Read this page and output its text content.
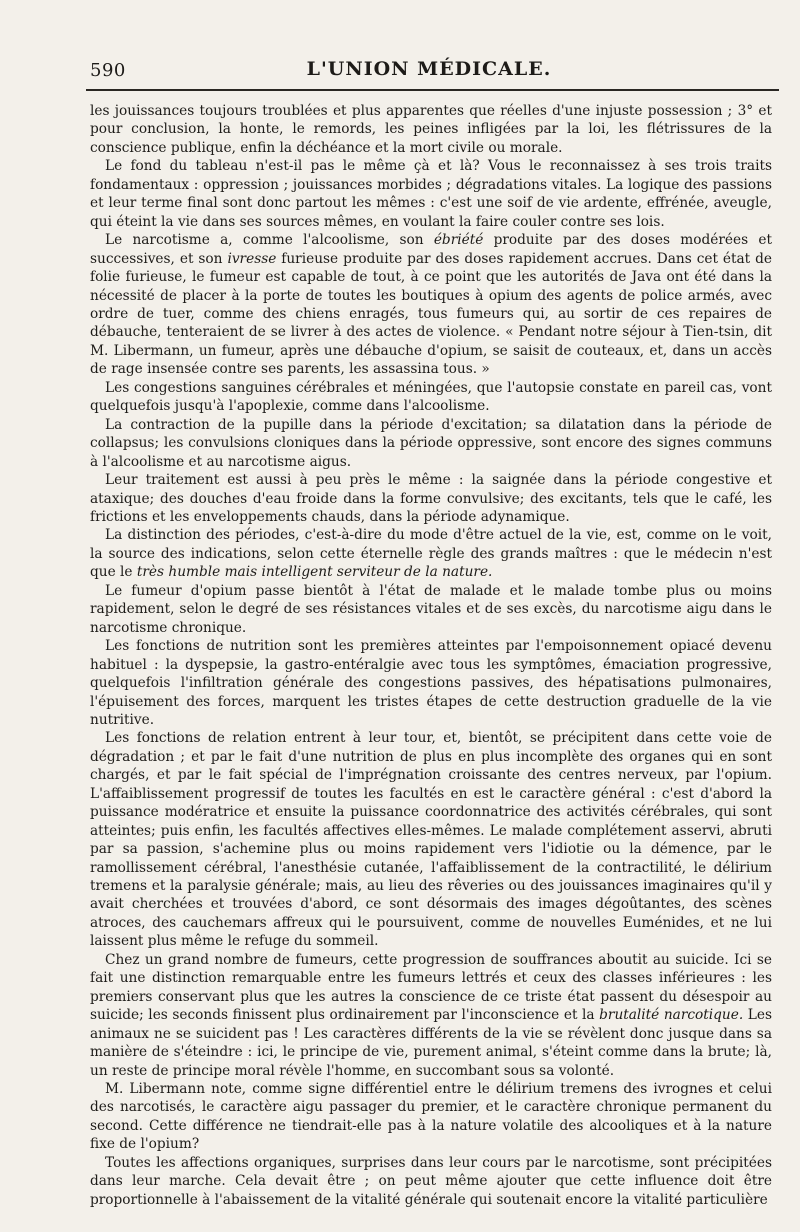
590	L'UNION MÉDICALE.

les jouissances toujours troublées et plus apparentes que réelles d'une injuste possession ; 3° et pour conclusion, la honte, le remords, les peines infligées par la loi, les flétrissures de la conscience publique, enfin la déchéance et la mort civile ou morale.

Le fond du tableau n'est-il pas le même çà et là? Vous le reconnaissez à ses trois traits fondamentaux : oppression ; jouissances morbides ; dégradations vitales. La logique des passions et leur terme final sont donc partout les mêmes : c'est une soif de vie ardente, effrénée, aveugle, qui éteint la vie dans ses sources mêmes, en voulant la faire couler contre ses lois.

Le narcotisme a, comme l'alcoolisme, son ébriété produite par des doses modérées et successives, et son ivresse furieuse produite par des doses rapidement accrues. Dans cet état de folie furieuse, le fumeur est capable de tout, à ce point que les autorités de Java ont été dans la nécessité de placer à la porte de toutes les boutiques à opium des agents de police armés, avec ordre de tuer, comme des chiens enragés, tous fumeurs qui, au sortir de ces repaires de débauche, tenteraient de se livrer à des actes de violence. « Pendant notre séjour à Tien-tsin, dit M. Libermann, un fumeur, après une débauche d'opium, se saisit de couteaux, et, dans un accès de rage insensée contre ses parents, les assassina tous. »

Les congestions sanguines cérébrales et méningées, que l'autopsie constate en pareil cas, vont quelquefois jusqu'à l'apoplexie, comme dans l'alcoolisme.

La contraction de la pupille dans la période d'excitation; sa dilatation dans la période de collapsus; les convulsions cloniques dans la période oppressive, sont encore des signes communs à l'alcoolisme et au narcotisme aigus.

Leur traitement est aussi à peu près le même : la saignée dans la période congestive et ataxique; des douches d'eau froide dans la forme convulsive; des excitants, tels que le café, les frictions et les enveloppements chauds, dans la période adynamique.

La distinction des périodes, c'est-à-dire du mode d'être actuel de la vie, est, comme on le voit, la source des indications, selon cette éternelle règle des grands maîtres : que le médecin n'est que le très humble mais intelligent serviteur de la nature.

Le fumeur d'opium passe bientôt à l'état de malade et le malade tombe plus ou moins rapidement, selon le degré de ses résistances vitales et de ses excès, du narcotisme aigu dans le narcotisme chronique.

Les fonctions de nutrition sont les premières atteintes par l'empoisonnement opiacé devenu habituel : la dyspepsie, la gastro-entéralgie avec tous les symptômes, émaciation progressive, quelquefois l'infiltration générale des congestions passives, des hépatisations pulmonaires, l'épuisement des forces, marquent les tristes étapes de cette destruction graduelle de la vie nutritive.

Les fonctions de relation entrent à leur tour, et, bientôt, se précipitent dans cette voie de dégradation ; et par le fait d'une nutrition de plus en plus incomplète des organes qui en sont chargés, et par le fait spécial de l'imprégnation croissante des centres nerveux, par l'opium. L'affaiblissement progressif de toutes les facultés en est le caractère général : c'est d'abord la puissance modératrice et ensuite la puissance coordonnatrice des activités cérébrales, qui sont atteintes; puis enfin, les facultés affectives elles-mêmes. Le malade complétement asservi, abruti par sa passion, s'achemine plus ou moins rapidement vers l'idiotie ou la démence, par le ramollissement cérébral, l'anesthésie cutanée, l'affaiblissement de la contractilité, le délirium tremens et la paralysie générale; mais, au lieu des rêveries ou des jouissances imaginaires qu'il y avait cherchées et trouvées d'abord, ce sont désormais des images dégoûtantes, des scènes atroces, des cauchemars affreux qui le poursuivent, comme de nouvelles Euménides, et ne lui laissent plus même le refuge du sommeil.

Chez un grand nombre de fumeurs, cette progression de souffrances aboutit au suicide. Ici se fait une distinction remarquable entre les fumeurs lettrés et ceux des classes inférieures : les premiers conservant plus que les autres la conscience de ce triste état passent du désespoir au suicide; les seconds finissent plus ordinairement par l'inconscience et la brutalité narcotique. Les animaux ne se suicident pas ! Les caractères différents de la vie se révèlent donc jusque dans sa manière de s'éteindre : ici, le principe de vie, purement animal, s'éteint comme dans la brute; là, un reste de principe moral révèle l'homme, en succombant sous sa volonté.

M. Libermann note, comme signe différentiel entre le délirium tremens des ivrognes et celui des narcotisés, le caractère aigu passager du premier, et le caractère chronique permanent du second. Cette différence ne tiendrait-elle pas à la nature volatile des alcooliques et à la nature fixe de l'opium?

Toutes les affections organiques, surprises dans leur cours par le narcotisme, sont précipitées dans leur marche. Cela devait être ; on peut même ajouter que cette influence doit être proportionnelle à l'abaissement de la vitalité générale qui soutenait encore la vitalité particulière
